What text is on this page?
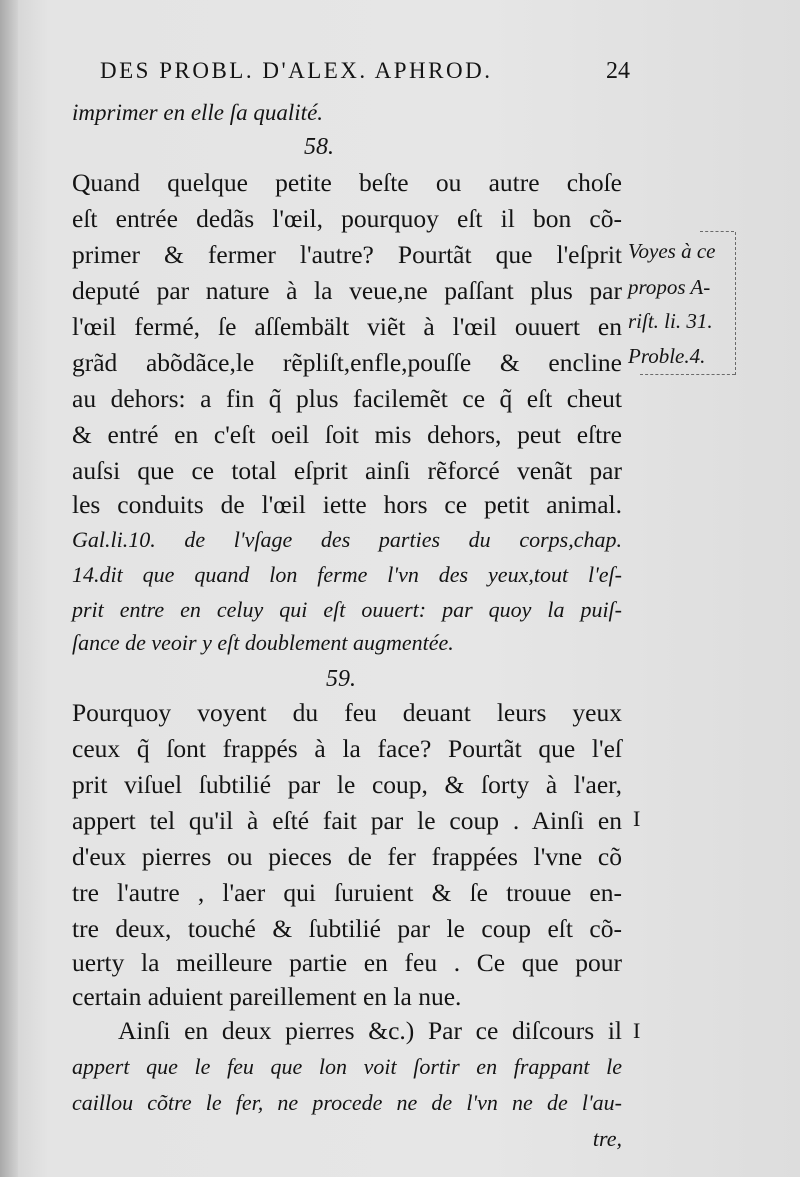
DES PROBL. D'ALEX. APHROD.	24
imprimer en elle ſa qualité.
58.
Quand quelque petite beſte ou autre choſe
eſt entrée dedãs l'œil, pourquoy eſt il bon cõ-
primer & fermer l'autre? Pourtãt que l'eſprit
deputé par nature à la veue,ne paſſant plus par
l'œil fermé, ſe aſſembält viẽt à l'œil ouuert en
grãd abõdãce,le rẽpliſt,enfle,pouſſe & encline
au dehors: a fin q̃ plus facilemẽt ce q̃ eſt cheut
& entré en c'eſt oeil ſoit mis dehors, peut eſtre
auſsi que ce total eſprit ainſi rẽforcé venãt par
les conduits de l'œil iette hors ce petit animal.
Gal.li.10. de l'vſage des parties du corps,chap.
14.dit que quand lon ferme l'vn des yeux,tout l'eſ-
prit entre en celuy qui eſt ouuert: par quoy la puiſ-
ſance de veoir y eſt doublement augmentée.
59.
Pourquoy voyent du feu deuant leurs yeux
ceux q̃ ſont frappés à la face? Pourtãt que l'eſ
prit viſuel ſubtilié par le coup, & ſorty à l'aer,
appert tel qu'il à eſté fait par le coup . Ainſi en
d'eux pierres ou pieces de fer frappées l'vne cõ
tre l'autre , l'aer qui ſuruient & ſe trouue en-
tre deux, touché & ſubtilié par le coup eſt cõ-
uerty la meilleure partie en feu . Ce que pour
certain aduient pareillement en la nue.
Ainſi en deux pierres &c.) Par ce diſcours il
appert que le feu que lon voit ſortir en frappant le
caillou cõtre le fer, ne procede ne de l'vn ne de l'au-
tre,
Voyes à ce
propos A-
riſt. li. 31.
Proble.4.
I
I
